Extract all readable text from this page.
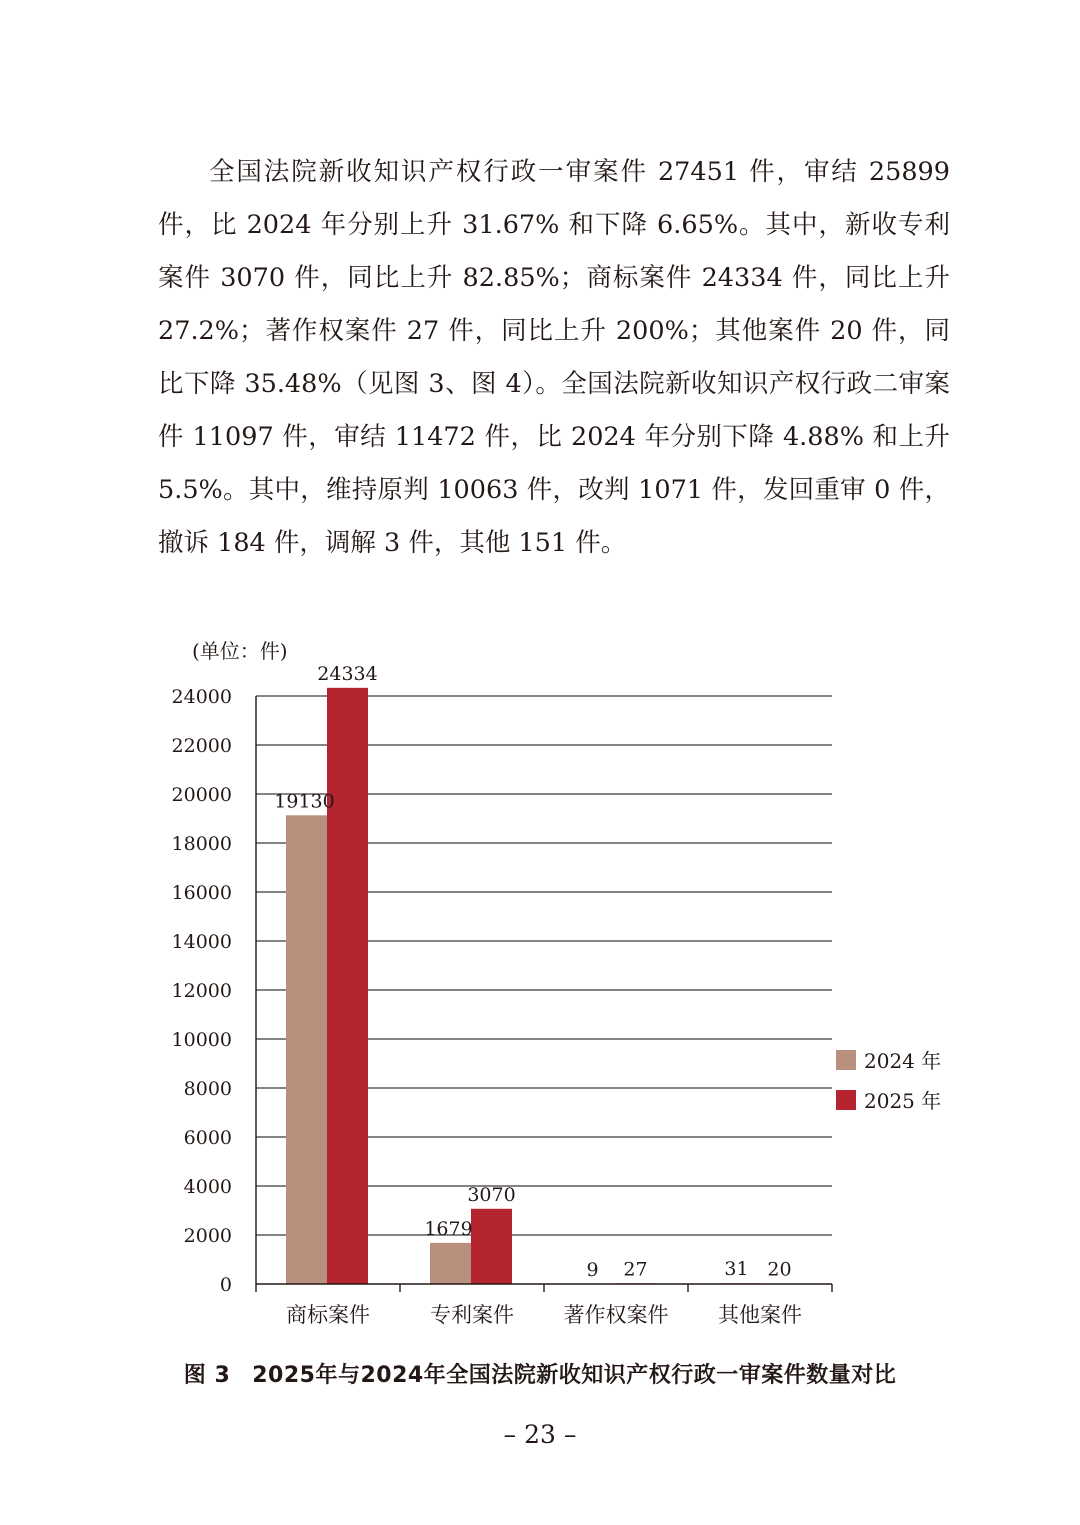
全国法院新收知识产权行政一审案件 27451 件，审结 25899 件，比 2024 年分别上升 31.67% 和下降 6.65%。其中，新收专利案件 3070 件，同比上升 82.85%；商标案件 24334 件，同比上升 27.2%；著作权案件 27 件，同比上升 200%；其他案件 20 件，同比下降 35.48%（见图 3、图 4）。全国法院新收知识产权行政二审案件 11097 件，审结 11472 件，比 2024 年分别下降 4.88% 和上升 5.5%。其中，维持原判 10063 件，改判 1071 件，发回重审 0 件，撤诉 184 件，调解 3 件，其他 151 件。

(单位：件)
0
2000
4000
6000
8000
10000
12000
14000
16000
18000
20000
22000
24000
19130
24334
1679
3070
9 27	31 20
商标案件	专利案件 著作权案件 其他案件
2024 年
2025 年
图 3 2025年与2024年全国法院新收知识产权行政一审案件数量对比
– 23 –
